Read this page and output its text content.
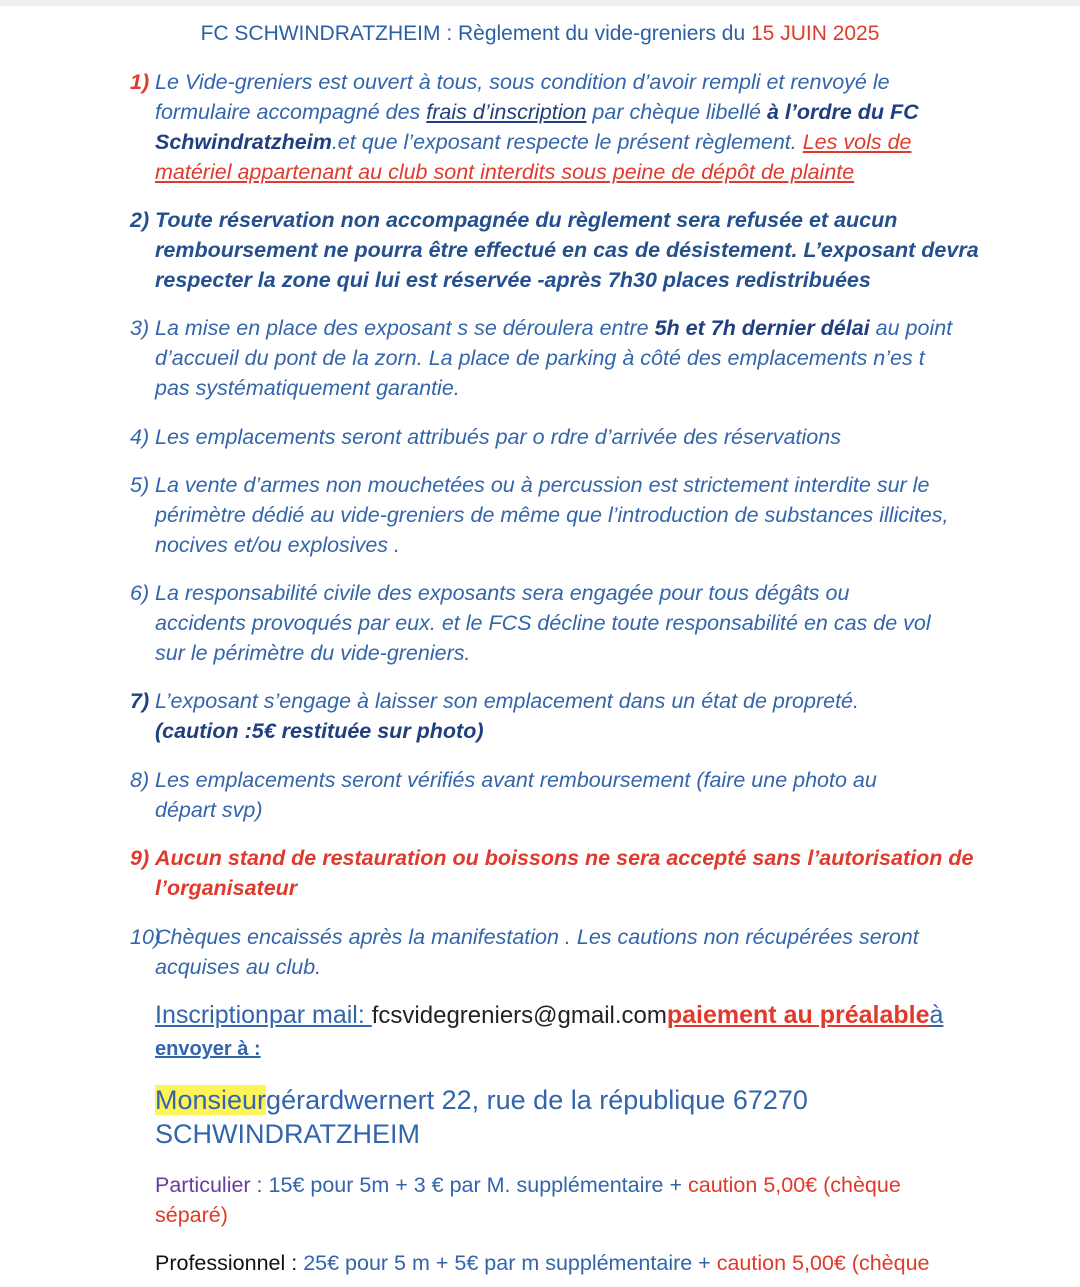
FC SCHWINDRATZHEIM : Règlement du vide-greniers du 15 JUIN 2025
1) Le Vide-greniers est ouvert à tous, sous condition d’avoir rempli et renvoyé le
formulaire accompagné des frais d’inscription par chèque libellé à l’ordre du FC
Schwindratzheim.et que l’exposant respecte le présent règlement. Les vols de
matériel appartenant au club sont interdits sous peine de dépôt de plainte
2) Toute réservation non accompagnée du règlement sera refusée et aucun
remboursement ne pourra être effectué en cas de désistement. L’exposant devra
respecter la zone qui lui est réservée -après 7h30 places redistribuées
3) La mise en place des exposant s se déroulera entre 5h et 7h dernier délai au point
d’accueil du pont de la zorn. La place de parking à côté des emplacements n’es t
pas systématiquement garantie.
4) Les emplacements seront attribués par o rdre d’arrivée des réservations
5) La vente d’armes non mouchetées ou à percussion est strictement interdite sur le
périmètre dédié au vide-greniers de même que l’introduction de substances illicites,
nocives et/ou explosives .
6) La responsabilité civile des exposants sera engagée pour tous dégâts ou
accidents provoqués par eux. et le FCS décline toute responsabilité en cas de vol
sur le périmètre du vide-greniers.
7) L’exposant s’engage à laisser son emplacement dans un état de propreté.
(caution :5€ restituée sur photo)
8) Les emplacements seront vérifiés avant remboursement (faire une photo au
départ svp)
9) Aucun stand de restauration ou boissons ne sera accepté sans l’autorisation de
l’organisateur
10)
Chèques encaissés après la manifestation . Les cautions non récupérées seront
acquises au club.
Inscriptionpar mail: fcsvidegreniers@gmail.compaiement au préalableà
envoyer à :
Monsieurgérardwernert 22, rue de la république 67270
SCHWINDRATZHEIM
Particulier : 15€ pour 5m + 3 € par M. supplémentaire + caution 5,00€ (chèque
séparé)
Professionnel : 25€ pour 5 m + 5€ par m supplémentaire + caution 5,00€ (chèque
